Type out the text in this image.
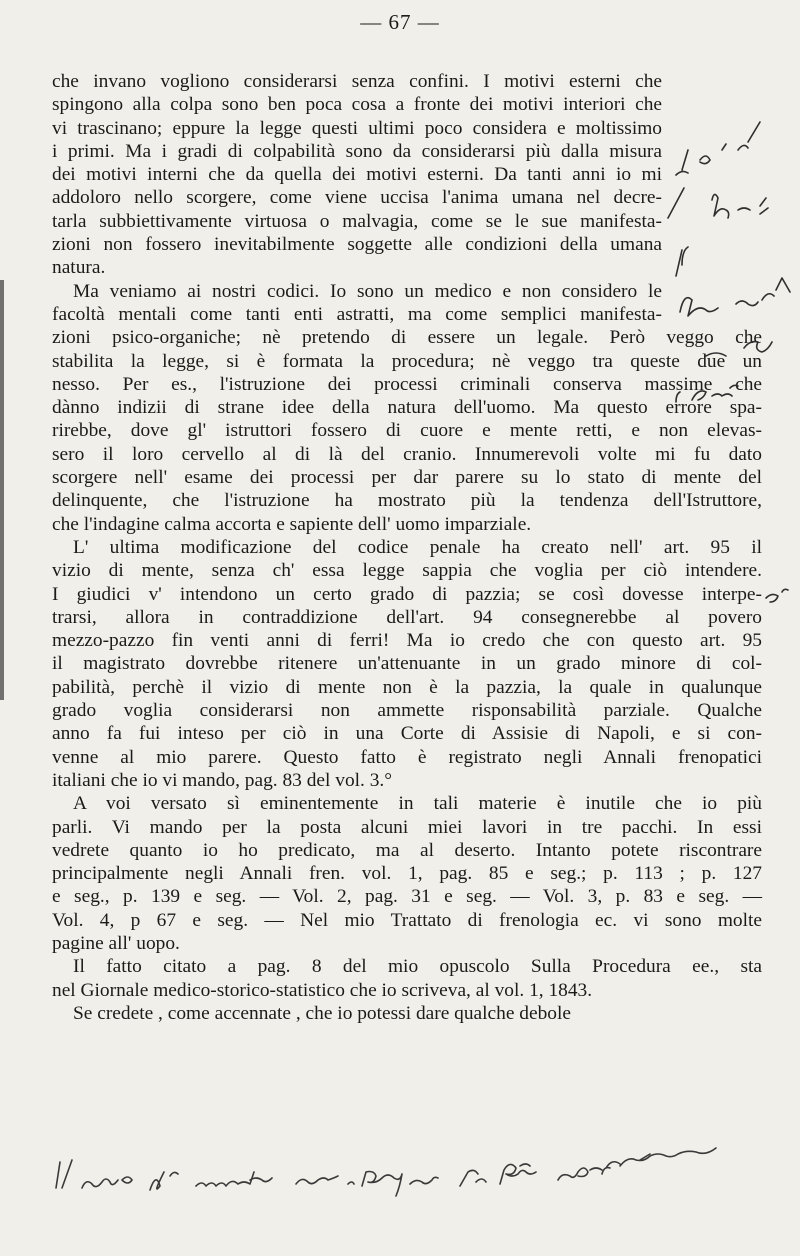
— 67 —
che invano vogliono considerarsi senza confini. I motivi esterni che
spingono alla colpa sono ben poca cosa a fronte dei motivi interiori che
vi trascinano; eppure la legge questi ultimi poco considera e moltissimo
i primi. Ma i gradi di colpabilità sono da considerarsi più dalla misura
dei motivi interni che da quella dei motivi esterni. Da tanti anni io mi
addoloro nello scorgere, come viene uccisa l'anima umana nel decre-
tarla subbiettivamente virtuosa o malvagia, come se le sue manifesta-
zioni non fossero inevitabilmente soggette alle condizioni della umana
natura.
Ma veniamo ai nostri codici. Io sono un medico e non considero le
facoltà mentali come tanti enti astratti, ma come semplici manifesta-
zioni psico-organiche; nè pretendo di essere un legale. Però veggo che
stabilita la legge, si è formata la procedura; nè veggo tra queste due un
nesso. Per es., l'istruzione dei processi criminali conserva massime che
dànno indizii di strane idee della natura dell'uomo. Ma questo errore spa-
rirebbe, dove gl' istruttori fossero di cuore e mente retti, e non elevas-
sero il loro cervello al di là del cranio. Innumerevoli volte mi fu dato
scorgere nell' esame dei processi per dar parere su lo stato di mente del
delinquente, che l'istruzione ha mostrato più la tendenza dell'Istruttore,
che l'indagine calma accorta e sapiente dell' uomo imparziale.
L' ultima modificazione del codice penale ha creato nell' art. 95 il
vizio di mente, senza ch' essa legge sappia che voglia per ciò intendere.
I giudici v' intendono un certo grado di pazzia; se così dovesse interpe-
trarsi, allora in contraddizione dell'art. 94 consegnerebbe al povero
mezzo-pazzo fin venti anni di ferri! Ma io credo che con questo art. 95
il magistrato dovrebbe ritenere un'attenuante in un grado minore di col-
pabilità, perchè il vizio di mente non è la pazzia, la quale in qualunque
grado voglia considerarsi non ammette risponsabilità parziale. Qualche
anno fa fui inteso per ciò in una Corte di Assisie di Napoli, e si con-
venne al mio parere. Questo fatto è registrato negli Annali frenopatici
italiani che io vi mando, pag. 83 del vol. 3.°
A voi versato sì eminentemente in tali materie è inutile che io più
parli. Vi mando per la posta alcuni miei lavori in tre pacchi. In essi
vedrete quanto io ho predicato, ma al deserto. Intanto potete riscontrare
principalmente negli Annali fren. vol. 1, pag. 85 e seg.; p. 113 ; p. 127
e seg., p. 139 e seg. — Vol. 2, pag. 31 e seg. — Vol. 3, p. 83 e seg. —
Vol. 4, p 67 e seg. — Nel mio Trattato di frenologia ec. vi sono molte
pagine all' uopo.
Il fatto citato a pag. 8 del mio opuscolo Sulla Procedura ee., sta
nel Giornale medico-storico-statistico che io scriveva, al vol. 1, 1843.
Se credete , come accennate , che io potessi dare qualche debole
